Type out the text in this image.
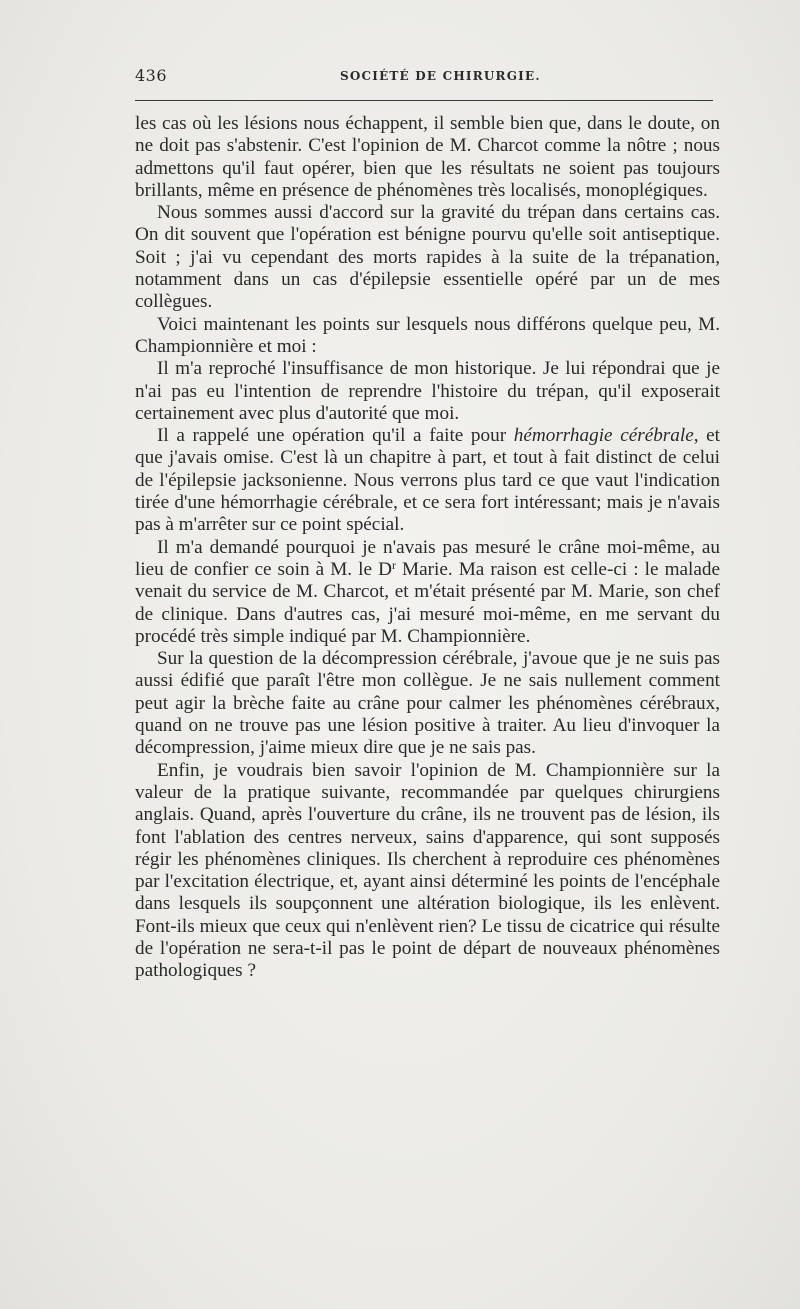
436	SOCIÉTÉ DE CHIRURGIE.

les cas où les lésions nous échappent, il semble bien que, dans le doute, on ne doit pas s'abstenir. C'est l'opinion de M. Charcot comme la nôtre ; nous admettons qu'il faut opérer, bien que les résultats ne soient pas toujours brillants, même en présence de phénomènes très localisés, monoplégiques.

Nous sommes aussi d'accord sur la gravité du trépan dans certains cas. On dit souvent que l'opération est bénigne pourvu qu'elle soit antiseptique. Soit ; j'ai vu cependant des morts rapides à la suite de la trépanation, notamment dans un cas d'épilepsie essentielle opéré par un de mes collègues.

Voici maintenant les points sur lesquels nous différons quelque peu, M. Championnière et moi :

Il m'a reproché l'insuffisance de mon historique. Je lui répondrai que je n'ai pas eu l'intention de reprendre l'histoire du trépan, qu'il exposerait certainement avec plus d'autorité que moi.

Il a rappelé une opération qu'il a faite pour hémorrhagie cérébrale, et que j'avais omise. C'est là un chapitre à part, et tout à fait distinct de celui de l'épilepsie jacksonienne. Nous verrons plus tard ce que vaut l'indication tirée d'une hémorrhagie cérébrale, et ce sera fort intéressant; mais je n'avais pas à m'arrêter sur ce point spécial.

Il m'a demandé pourquoi je n'avais pas mesuré le crâne moi-même, au lieu de confier ce soin à M. le $D^r$ Marie. Ma raison est celle-ci : le malade venait du service de M. Charcot, et m'était présenté par M. Marie, son chef de clinique. Dans d'autres cas, j'ai mesuré moi-même, en me servant du procédé très simple indiqué par M. Championnière.

Sur la question de la décompression cérébrale, j'avoue que je ne suis pas aussi édifié que paraît l'être mon collègue. Je ne sais nullement comment peut agir la brèche faite au crâne pour calmer les phénomènes cérébraux, quand on ne trouve pas une lésion positive à traiter. Au lieu d'invoquer la décompression, j'aime mieux dire que je ne sais pas.

Enfin, je voudrais bien savoir l'opinion de M. Championnière sur la valeur de la pratique suivante, recommandée par quelques chirurgiens anglais. Quand, après l'ouverture du crâne, ils ne trouvent pas de lésion, ils font l'ablation des centres nerveux, sains d'apparence, qui sont supposés régir les phénomènes cliniques. Ils cherchent à reproduire ces phénomènes par l'excitation électrique, et, ayant ainsi déterminé les points de l'encéphale dans lesquels ils soupçonnent une altération biologique, ils les enlèvent. Font-ils mieux que ceux qui n'enlèvent rien? Le tissu de cicatrice qui résulte de l'opération ne sera-t-il pas le point de départ de nouveaux phénomènes pathologiques ?
